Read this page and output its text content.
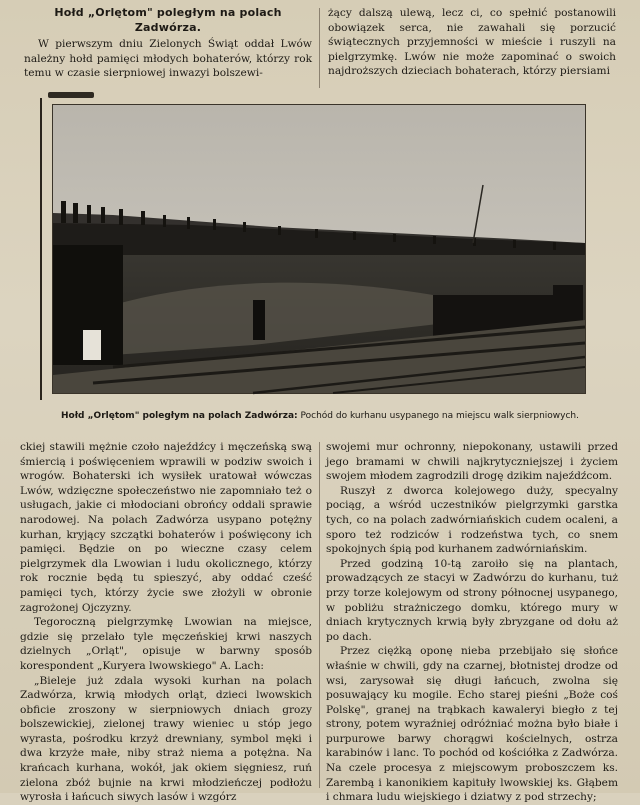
Hołd „Orlętom" poległym na polach Zadwórza.

W pierwszym dniu Zielonych Świąt oddał Lwów należny hołd pamięci młodych bohaterów, którzy rok temu w czasie sierpniowej inwazyi bolszewi-

żący dalszą ulewą, lecz ci, co spełnić postanowili obowiązek serca, nie zawahali się porzucić świątecznych przyjemności w mieście i ruszyli na pielgrzymkę. Lwów nie może zapominać o swoich najdroższych dzieciach bohaterach, którzy piersiami

Hołd „Orlętom" poległym na polach Zadwórza: Pochód do kurhanu usypanego na miejscu walk sierpniowych.

ckiej stawili mężnie czoło najeźdźcy i męczeńską swą śmiercią i poświęceniem wprawili w podziw swoich i wrogów. Bohaterski ich wysiłek uratował wówczas Lwów, wdzięczne społeczeństwo nie zapomniało też o usługach, jakie ci młodociani obrońcy oddali sprawie narodowej. Na polach Zadwórza usypano potężny kurhan, kryjący szczątki bohaterów i poświęcony ich pamięci. Będzie on po wieczne czasy celem pielgrzymek dla Lwowian i ludu okolicznego, którzy rok rocznie będą tu spieszyć, aby oddać cześć pamięci tych, którzy życie swe złożyli w obronie zagrożonej Ojczyzny.

Tegoroczną pielgrzymkę Lwowian na miejsce, gdzie się przelało tyle męczeńskiej krwi naszych dzielnych „Orląt", opisuje w barwny sposób korespondent „Kuryera lwowskiego" A. Lach:

„Bieleje już zdala wysoki kurhan na polach Zadwórza, krwią młodych orląt, dzieci lwowskich obficie zroszony w sierpniowych dniach grozy bolszewickiej, zielonej trawy wieniec u stóp jego wyrasta, pośrodku krzyż drewniany, symbol męki i dwa krzyże małe, niby straż niema a potężna. Na krańcach kurhana, wokół, jak okiem sięgniesz, ruń zielona zbóż bujnie na krwi młodzieńczej podłożu wyrosła i łańcuch siwych lasów i wzgórz

swojemi mur ochronny, niepokonany, ustawili przed jego bramami w chwili najkrytyczniejszej i życiem swojem młodem zagrodzili drogę dzikim najeźdźcom.

Ruszył z dworca kolejowego duży, specyalny pociąg, a wśród uczestników pielgrzymki garstka tych, co na polach zadwórniańskich cudem ocaleni, a sporo też rodziców i rodzeństwa tych, co snem spokojnych śpią pod kurhanem zadwórniańskim.

Przed godziną 10-tą zaroiło się na plantach, prowadzących ze stacyi w Zadwórzu do kurhanu, tuż przy torze kolejowym od strony północnej usypanego, w pobliżu strażniczego domku, którego mury w dniach krytycznych krwią były zbryzgane od dołu aż po dach.

Przez ciężką oponę nieba przebijało się słońce właśnie w chwili, gdy na czarnej, błotnistej drodze od wsi, zarysował się długi łańcuch, zwolna się posuwający ku mogile. Echo starej pieśni „Boże coś Polskę", granej na trąbkach kawaleryi biegło z tej strony, potem wyraźniej odróżniać można było białe i purpurowe barwy chorągwi kościelnych, ostrza karabinów i lanc. To pochód od kościółka z Zadwórza. Na czele procesya z miejscowym proboszczem ks. Zarembą i kanonikiem kapituły lwowskiej ks. Głąbem i chmara ludu wiejskiego i dziatwy z pod strzechy;
